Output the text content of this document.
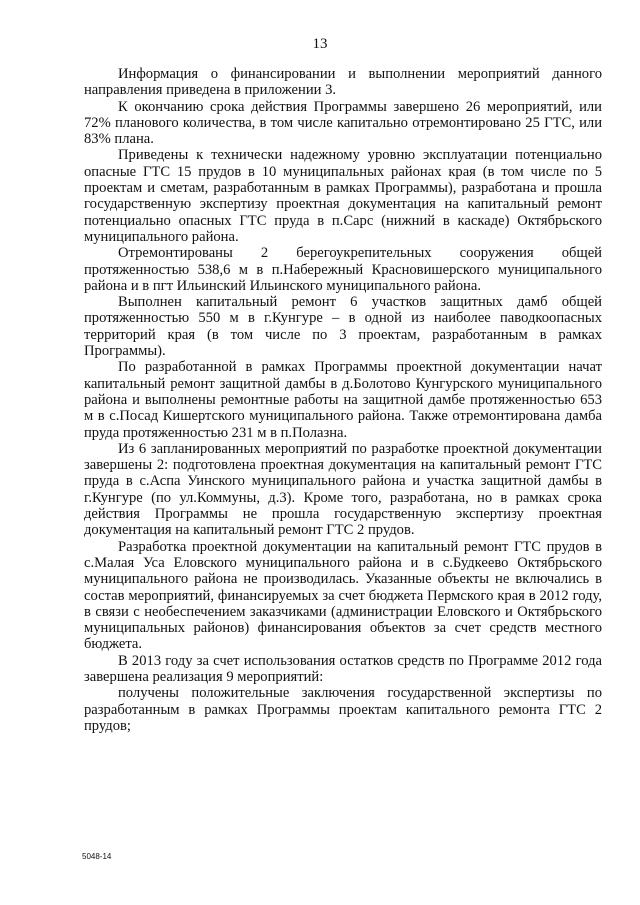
13

Информация о финансировании и выполнении мероприятий данного направления приведена в приложении 3.

К окончанию срока действия Программы завершено 26 мероприятий, или 72% планового количества, в том числе капитально отремонтировано 25 ГТС, или 83% плана.

Приведены к технически надежному уровню эксплуатации потенциально опасные ГТС 15 прудов в 10 муниципальных районах края (в том числе по 5 проектам и сметам, разработанным в рамках Программы), разработана и прошла государственную экспертизу проектная документация на капитальный ремонт потенциально опасных ГТС пруда в п.Сарс (нижний в каскаде) Октябрьского муниципального района.

Отремонтированы 2 берегоукрепительных сооружения общей протяженностью 538,6 м в п.Набережный Красновишерского муниципального района и в пгт Ильинский Ильинского муниципального района.

Выполнен капитальный ремонт 6 участков защитных дамб общей протяженностью 550 м в г.Кунгуре – в одной из наиболее паводкоопасных территорий края (в том числе по 3 проектам, разработанным в рамках Программы).

По разработанной в рамках Программы проектной документации начат капитальный ремонт защитной дамбы в д.Болотово Кунгурского муниципального района и выполнены ремонтные работы на защитной дамбе протяженностью 653 м в с.Посад Кишертского муниципального района. Также отремонтирована дамба пруда протяженностью 231 м в п.Полазна.

Из 6 запланированных мероприятий по разработке проектной документации завершены 2: подготовлена проектная документация на капитальный ремонт ГТС пруда в с.Аспа Уинского муниципального района и участка защитной дамбы в г.Кунгуре (по ул.Коммуны, д.3). Кроме того, разработана, но в рамках срока действия Программы не прошла государственную экспертизу проектная документация на капитальный ремонт ГТС 2 прудов.

Разработка проектной документации на капитальный ремонт ГТС прудов в с.Малая Уса Еловского муниципального района и в с.Будкеево Октябрьского муниципального района не производилась. Указанные объекты не включались в состав мероприятий, финансируемых за счет бюджета Пермского края в 2012 году, в связи с необеспечением заказчиками (администрации Еловского и Октябрьского муниципальных районов) финансирования объектов за счет средств местного бюджета.

В 2013 году за счет использования остатков средств по Программе 2012 года завершена реализация 9 мероприятий:

получены положительные заключения государственной экспертизы по разработанным в рамках Программы проектам капитального ремонта ГТС 2 прудов;

5048-14
